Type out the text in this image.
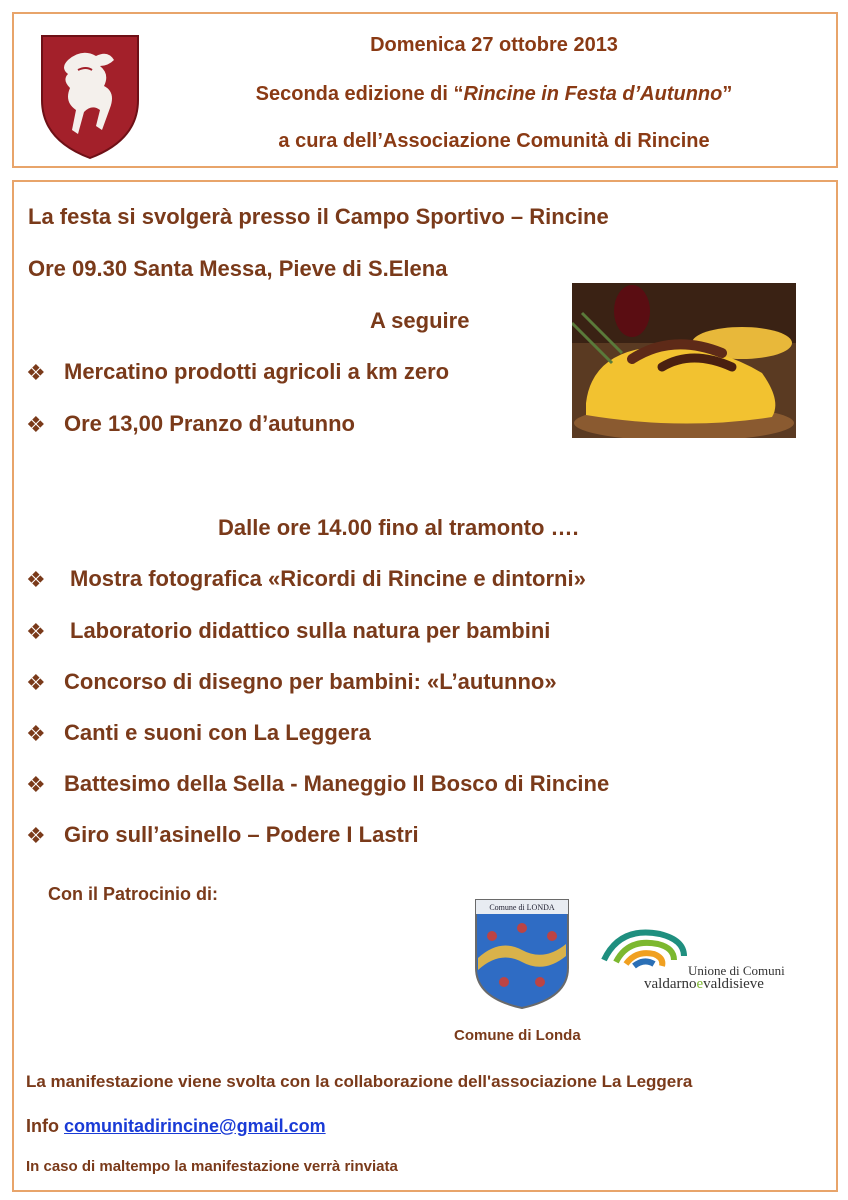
Domenica 27 ottobre 2013
Seconda edizione di “Rincine in Festa d’Autunno”
a cura dell’Associazione Comunità di Rincine
La festa si svolgerà presso il Campo Sportivo – Rincine
Ore 09.30 Santa Messa, Pieve di S.Elena
A seguire
❖ Mercatino prodotti agricoli a km zero
❖ Ore 13,00 Pranzo d’autunno
Dalle ore 14.00 fino al tramonto ….
❖ Mostra fotografica «Ricordi di Rincine e dintorni»
❖ Laboratorio didattico sulla natura per bambini
❖ Concorso di disegno per bambini: «L’autunno»
❖ Canti e suoni con La Leggera
❖ Battesimo della Sella - Maneggio Il Bosco di Rincine
❖ Giro sull’asinello – Podere I Lastri
Con il Patrocinio di:
Comune di LONDA
Comune di Londa
Unione di Comuni
valdarnoevaldisieve
La manifestazione viene svolta con la collaborazione dell'associazione La Leggera
Info comunitadirincine@gmail.com
In caso di maltempo la manifestazione verrà rinviata
